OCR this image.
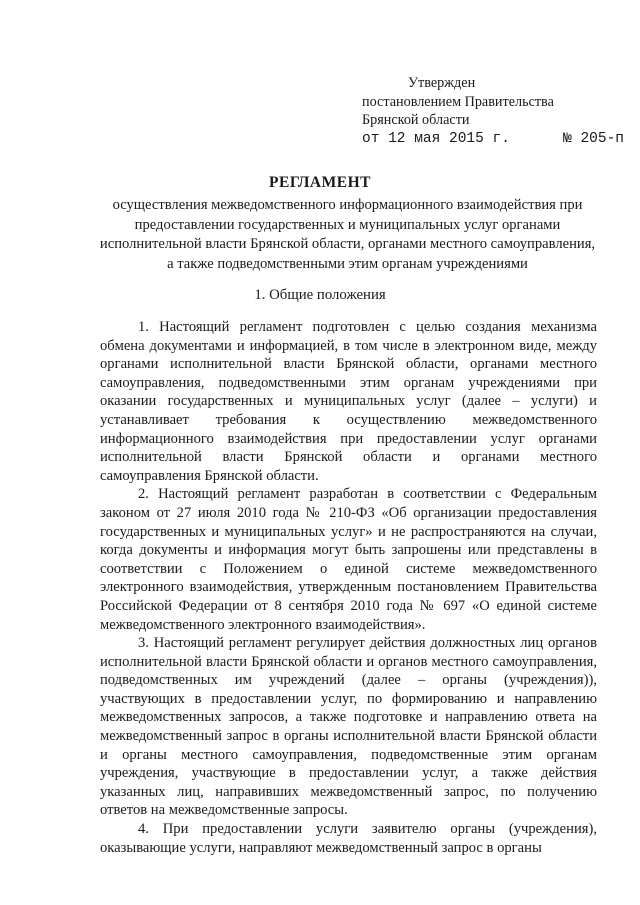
Утвержден
постановлением Правительства
Брянской области
от 12 мая 2015 г.	№ 205-п
РЕГЛАМЕНТ
осуществления межведомственного информационного взаимодействия при предоставлении государственных и муниципальных услуг органами исполнительной власти Брянской области, органами местного самоуправления, а также подведомственными этим органам учреждениями
1. Общие положения

1. Настоящий регламент подготовлен с целью создания механизма обмена документами и информацией, в том числе в электронном виде, между органами исполнительной власти Брянской области, органами местного самоуправления, подведомственными этим органам учреждениями при оказании государственных и муниципальных услуг (далее – услуги) и устанавливает требования к осуществлению межведомственного информационного взаимодействия при предоставлении услуг органами исполнительной власти Брянской области и органами местного самоуправления Брянской области.

2. Настоящий регламент разработан в соответствии с Федеральным законом от 27 июля 2010 года № 210-ФЗ «Об организации предоставления государственных и муниципальных услуг» и не распространяются на случаи, когда документы и информация могут быть запрошены или представлены в соответствии с Положением о единой системе межведомственного электронного взаимодействия, утвержденным постановлением Правительства Российской Федерации от 8 сентября 2010 года № 697 «О единой системе межведомственного электронного взаимодействия».

3. Настоящий регламент регулирует действия должностных лиц органов исполнительной власти Брянской области и органов местного самоуправления, подведомственных им учреждений (далее – органы (учреждения)), участвующих в предоставлении услуг, по формированию и направлению межведомственных запросов, а также подготовке и направлению ответа на межведомственный запрос в органы исполнительной власти Брянской области и органы местного самоуправления, подведомственные этим органам учреждения, участвующие в предоставлении услуг, а также действия указанных лиц, направивших межведомственный запрос, по получению ответов на межведомственные запросы.

4. При предоставлении услуги заявителю органы (учреждения), оказывающие услуги, направляют межведомственный запрос в органы
